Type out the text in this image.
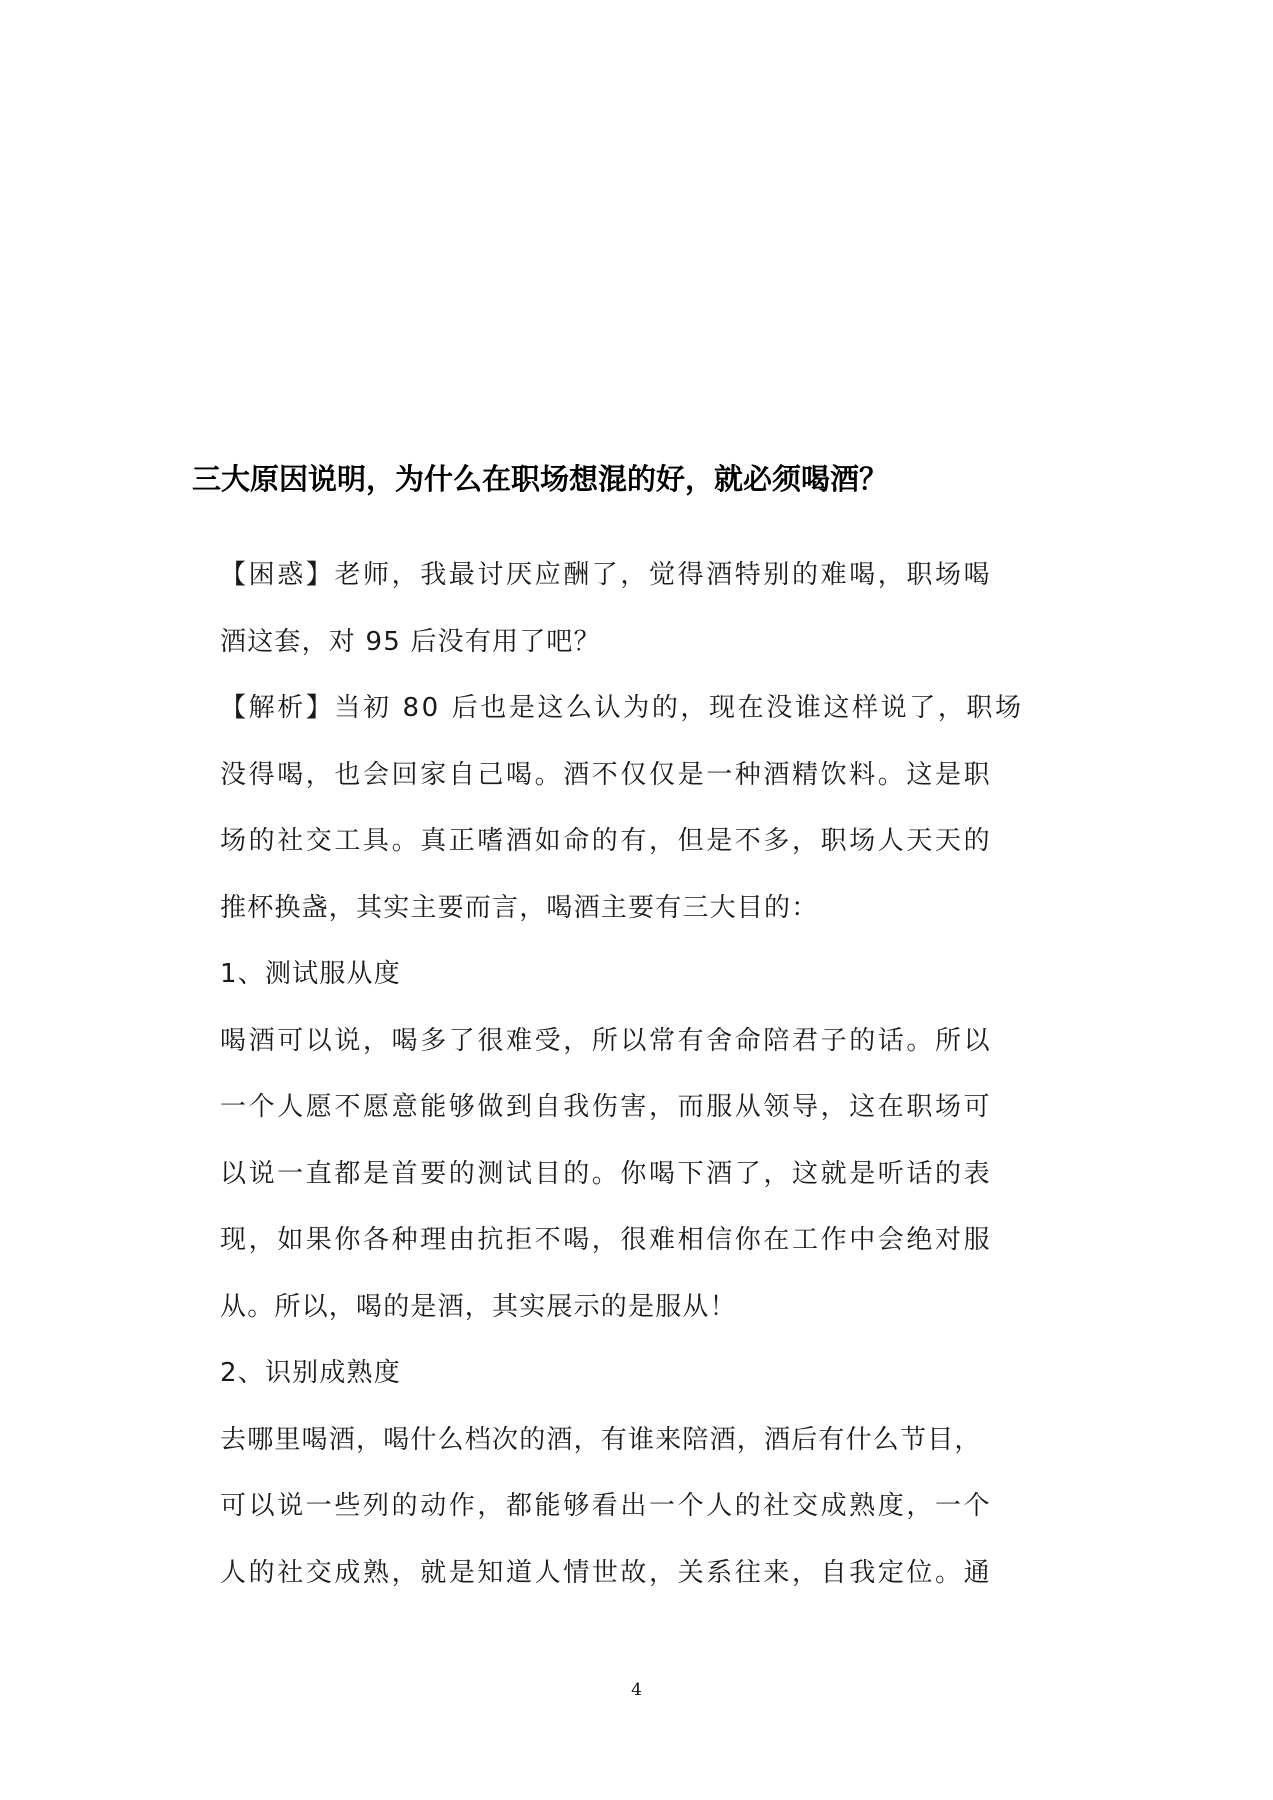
三大原因说明，为什么在职场想混的好，就必须喝酒？
【困惑】老师，我最讨厌应酬了，觉得酒特别的难喝，职场喝
酒这套，对 95 后没有用了吧？
【解析】当初 80 后也是这么认为的，现在没谁这样说了，职场
没得喝，也会回家自己喝。酒不仅仅是一种酒精饮料。这是职
场的社交工具。真正嗜酒如命的有，但是不多，职场人天天的
推杯换盏，其实主要而言，喝酒主要有三大目的：
1、测试服从度
喝酒可以说，喝多了很难受，所以常有舍命陪君子的话。所以
一个人愿不愿意能够做到自我伤害，而服从领导，这在职场可
以说一直都是首要的测试目的。你喝下酒了，这就是听话的表
现，如果你各种理由抗拒不喝，很难相信你在工作中会绝对服
从。所以，喝的是酒，其实展示的是服从！
2、识别成熟度
去哪里喝酒，喝什么档次的酒，有谁来陪酒，酒后有什么节目，
可以说一些列的动作，都能够看出一个人的社交成熟度，一个
人的社交成熟，就是知道人情世故，关系往来，自我定位。通
4
